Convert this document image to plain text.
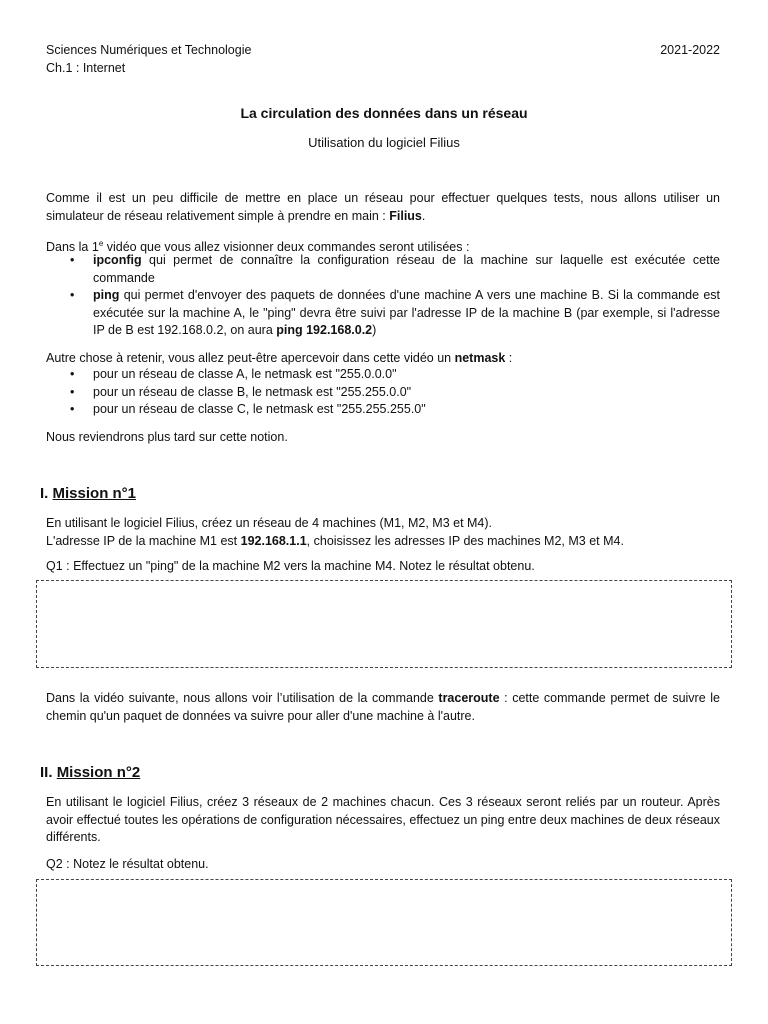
Sciences Numériques et Technologie
Ch.1 : Internet
2021-2022
La circulation des données dans un réseau
Utilisation du logiciel Filius
Comme il est un peu difficile de mettre en place un réseau pour effectuer quelques tests, nous allons utiliser un simulateur de réseau relativement simple à prendre en main : Filius.
Dans la 1e vidéo que vous allez visionner deux commandes seront utilisées :
• ipconfig qui permet de connaître la configuration réseau de la machine sur laquelle est exécutée cette commande
• ping qui permet d'envoyer des paquets de données d'une machine A vers une machine B. Si la commande est exécutée sur la machine A, le "ping" devra être suivi par l'adresse IP de la machine B (par exemple, si l'adresse IP de B est 192.168.0.2, on aura ping 192.168.0.2)
Autre chose à retenir, vous allez peut-être apercevoir dans cette vidéo un netmask :
• pour un réseau de classe A, le netmask est "255.0.0.0"
• pour un réseau de classe B, le netmask est "255.255.0.0"
• pour un réseau de classe C, le netmask est "255.255.255.0"
Nous reviendrons plus tard sur cette notion.
I. Mission n°1
En utilisant le logiciel Filius, créez un réseau de 4 machines (M1, M2, M3 et M4).
L'adresse IP de la machine M1 est 192.168.1.1, choisissez les adresses IP des machines M2, M3 et M4.
Q1 : Effectuez un "ping" de la machine M2 vers la machine M4. Notez le résultat obtenu.
Dans la vidéo suivante, nous allons voir l’utilisation de la commande traceroute : cette commande permet de suivre le chemin qu'un paquet de données va suivre pour aller d'une machine à l'autre.
II. Mission n°2
En utilisant le logiciel Filius, créez 3 réseaux de 2 machines chacun. Ces 3 réseaux seront reliés par un routeur. Après avoir effectué toutes les opérations de configuration nécessaires, effectuez un ping entre deux machines de deux réseaux différents.
Q2 : Notez le résultat obtenu.
